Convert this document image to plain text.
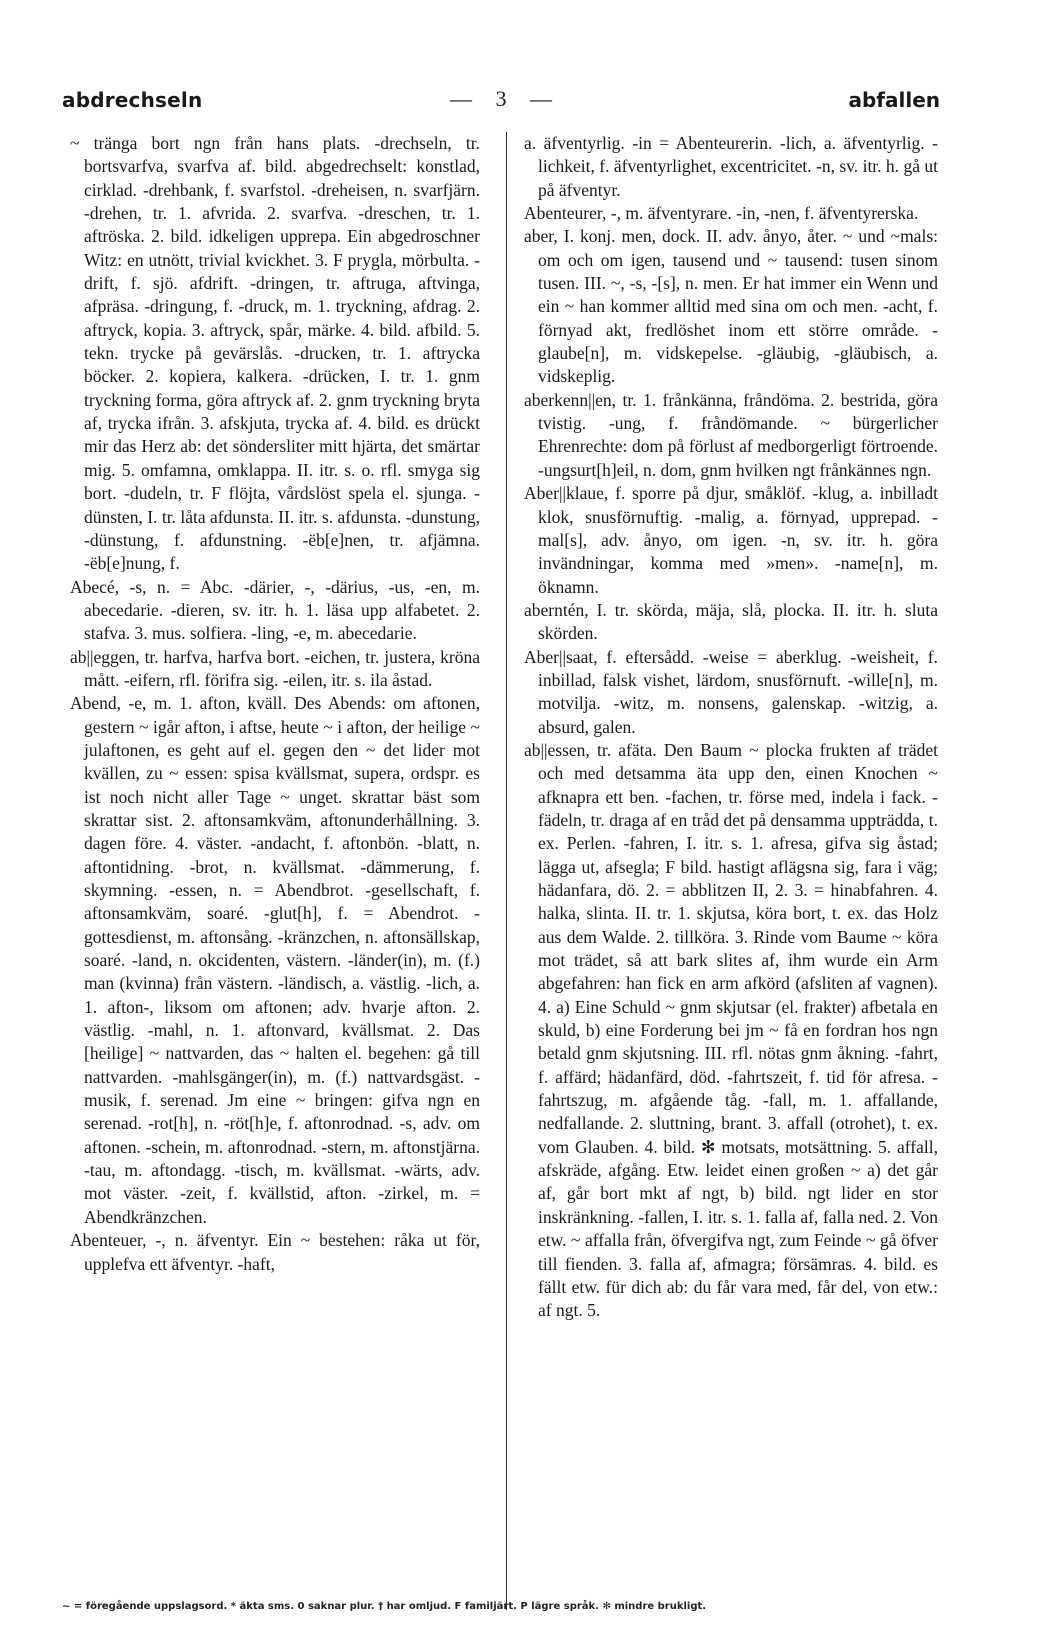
abdrechseln	— 3 —	abfallen

~ tränga bort ngn från hans plats. -drechseln, tr. bortsvarfva, svarfva af. bild. abgedrechselt: konstlad, cirklad. -drehbank, f. svarfstol. -dreheisen, n. svarfjärn. -drehen, tr. 1. afvrida. 2. svarfva. -dreschen, tr. 1. aftröska. 2. bild. idkeligen upprepa. Ein abgedroschner Witz: en utnött, trivial kvickhet. 3. F prygla, mörbulta. -drift, f. sjö. afdrift. -dringen, tr. aftruga, aftvinga, afpräsa. -dringung, f. -druck, m. 1. tryckning, afdrag. 2. aftryck, kopia. 3. aftryck, spår, märke. 4. bild. afbild. 5. tekn. trycke på gevärslås. -drucken, tr. 1. aftrycka böcker. 2. kopiera, kalkera. -drücken, I. tr. 1. gnm tryckning forma, göra aftryck af. 2. gnm tryckning bryta af, trycka ifrån. 3. afskjuta, trycka af. 4. bild. es drückt mir das Herz ab: det söndersliter mitt hjärta, det smärtar mig. 5. omfamna, omklappa. II. itr. s. o. rfl. smyga sig bort. -dudeln, tr. F flöjta, vårdslöst spela el. sjunga. -dünsten, I. tr. låta afdunsta. II. itr. s. afdunsta. -dunstung, -dünstung, f. afdunstning. -ëb[e]nen, tr. afjämna. -ëb[e]nung, f.

Abecé, -s, n. = Abc. -därier, -, -därius, -us, -en, m. abecedarie. -dieren, sv. itr. h. 1. läsa upp alfabetet. 2. stafva. 3. mus. solfiera. -ling, -e, m. abecedarie.

ab||eggen, tr. harfva, harfva bort. -eichen, tr. justera, kröna mått. -eifern, rfl. förifra sig. -eilen, itr. s. ila åstad.

Abend, -e, m. 1. afton, kväll. Des Abends: om aftonen, gestern ~ igår afton, i aftse, heute ~ i afton, der heilige ~ julaftonen, es geht auf el. gegen den ~ det lider mot kvällen, zu ~ essen: spisa kvällsmat, supera, ordspr. es ist noch nicht aller Tage ~ unget. skrattar bäst som skrattar sist. 2. aftonsamkväm, aftonunderhållning. 3. dagen före. 4. väster. -andacht, f. aftonbön. -blatt, n. aftontidning. -brot, n. kvällsmat. -dämmerung, f. skymning. -essen, n. = Abendbrot. -gesellschaft, f. aftonsamkväm, soaré. -glut[h], f. = Abendrot. -gottesdienst, m. aftonsång. -kränzchen, n. aftonsällskap, soaré. -land, n. okcidenten, västern. -länder(in), m. (f.) man (kvinna) från västern. -ländisch, a. västlig. -lich, a. 1. afton-, liksom om aftonen; adv. hvarje afton. 2. västlig. -mahl, n. 1. aftonvard, kvällsmat. 2. Das [heilige] ~ nattvarden, das ~ halten el. begehen: gå till nattvarden. -mahlsgänger(in), m. (f.) nattvardsgäst. -musik, f. serenad. Jm eine ~ bringen: gifva ngn en serenad. -rot[h], n. -röt[h]e, f. aftonrodnad. -s, adv. om aftonen. -schein, m. aftonrodnad. -stern, m. aftonstjärna. -tau, m. aftondagg. -tisch, m. kvällsmat. -wärts, adv. mot väster. -zeit, f. kvällstid, afton. -zirkel, m. = Abendkränzchen.

Abenteuer, -, n. äfventyr. Ein ~ bestehen: råka ut för, upplefva ett äfventyr. -haft,

a. äfventyrlig. -in = Abenteurerin. -lich, a. äfventyrlig. -lichkeit, f. äfventyrlighet, excentricitet. -n, sv. itr. h. gå ut på äfventyr.

Abenteurer, -, m. äfventyrare. -in, -nen, f. äfventyrerska.

aber, I. konj. men, dock. II. adv. ånyo, åter. ~ und ~mals: om och om igen, tausend und ~ tausend: tusen sinom tusen. III. ~, -s, -[s], n. men. Er hat immer ein Wenn und ein ~ han kommer alltid med sina om och men. -acht, f. förnyad akt, fredlöshet inom ett större område. -glaube[n], m. vidskepelse. -gläubig, -gläubisch, a. vidskeplig.

aberkenn||en, tr. 1. frånkänna, fråndöma. 2. bestrida, göra tvistig. -ung, f. fråndömande. ~ bürgerlicher Ehrenrechte: dom på förlust af medborgerligt förtroende. -ungsurt[h]eil, n. dom, gnm hvilken ngt frånkännes ngn.

Aber||klaue, f. sporre på djur, småklöf. -klug, a. inbilladt klok, snusförnuftig. -malig, a. förnyad, upprepad. -mal[s], adv. ånyo, om igen. -n, sv. itr. h. göra invändningar, komma med »men». -name[n], m. öknamn.

aberntén, I. tr. skörda, mäja, slå, plocka. II. itr. h. sluta skörden.

Aber||saat, f. eftersådd. -weise = aberklug. -weisheit, f. inbillad, falsk vishet, lärdom, snusförnuft. -wille[n], m. motvilja. -witz, m. nonsens, galenskap. -witzig, a. absurd, galen.

ab||essen, tr. afäta. Den Baum ~ plocka frukten af trädet och med detsamma äta upp den, einen Knochen ~ afknapra ett ben. -fachen, tr. förse med, indela i fack. -fädeln, tr. draga af en tråd det på densamma uppträdda, t. ex. Perlen. -fahren, I. itr. s. 1. afresa, gifva sig åstad; lägga ut, afsegla; F bild. hastigt aflägsna sig, fara i väg; hädanfara, dö. 2. = abblitzen II, 2. 3. = hinabfahren. 4. halka, slinta. II. tr. 1. skjutsa, köra bort, t. ex. das Holz aus dem Walde. 2. tillköra. 3. Rinde vom Baume ~ köra mot trädet, så att bark slites af, ihm wurde ein Arm abgefahren: han fick en arm afkörd (afsliten af vagnen). 4. a) Eine Schuld ~ gnm skjutsar (el. frakter) afbetala en skuld, b) eine Forderung bei jm ~ få en fordran hos ngn betald gnm skjutsning. III. rfl. nötas gnm åkning. -fahrt, f. affärd; hädanfärd, död. -fahrtszeit, f. tid för afresa. -fahrtszug, m. afgående tåg. -fall, m. 1. affallande, nedfallande. 2. sluttning, brant. 3. affall (otrohet), t. ex. vom Glauben. 4. bild. ✻ motsats, motsättning. 5. affall, afskräde, afgång. Etw. leidet einen großen ~ a) det går af, går bort mkt af ngt, b) bild. ngt lider en stor inskränkning. -fallen, I. itr. s. 1. falla af, falla ned. 2. Von etw. ~ affalla från, öfvergifva ngt, zum Feinde ~ gå öfver till fienden. 3. falla af, afmagra; försämras. 4. bild. es fällt etw. für dich ab: du får vara med, får del, von etw.: af ngt. 5.

~ = föregående uppslagsord. * äkta sms. 0 saknar plur. † har omljud. F familjärt. P lägre språk. ✻ mindre brukligt.
